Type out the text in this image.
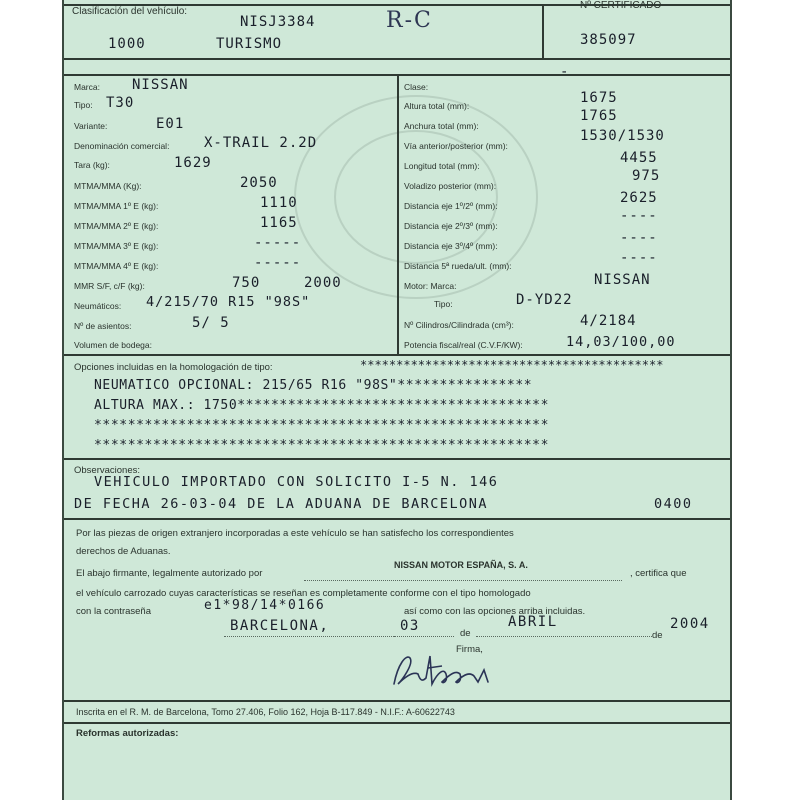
Clasificación del vehículo:
NISJ3384	R-C
1000	TURISMO
Nº CERTIFICADO
385097
Marca: NISSAN
Tipo: T30
Variante:	E01
Denominación comercial: X-TRAIL 2.2D
Tara (kg):	1629
MTMA/MMA (Kg):	2050
MTMA/MMA 1º E (kg):	1110
MTMA/MMA 2º E (kg):	1165
MTMA/MMA 3º E (kg):	-----
MTMA/MMA 4º E (kg):	-----
MMR S/F, c/F (kg):	750	2000
Neumáticos: 4/215/70 R15 "98S"
Nº de asientos:	5/ 5
Volumen de bodega:
Clase:
-
Altura total (mm):	1675
Anchura total (mm):
1765
Vía anterior/posterior (mm):
1530/1530
Longitud total (mm):	4455
Voladizo posterior (mm):
975
Distancia eje 1º/2º (mm):	2625
Distancia eje 2º/3º (mm):
----
Distancia eje 3º/4º (mm):	----
Distancia 5ª rueda/ult. (mm):	----
Motor: Marca:	NISSAN
Tipo:	D-YD22
Nº Cilindros/Cilindrada (cm³):	4/2184
Potencia fiscal/real (C.V.F/KW):	14,03/100,00
Opciones incluidas en la homologación de tipo:	******************************************
NEUMATICO OPCIONAL: 215/65 R16 "98S"****************
ALTURA MAX.: 1750*************************************
******************************************************
******************************************************
Observaciones:
VEHICULO IMPORTADO CON SOLICITO I-5 N. 146
DE FECHA 26-03-04 DE LA ADUANA DE BARCELONA	0400
Por las piezas de origen extranjero incorporadas a este vehículo se han satisfecho los correspondientes
derechos de Aduanas.
El abajo firmante, legalmente autorizado por
NISSAN MOTOR ESPAÑA, S. A.
, certifica que
el vehículo carrozado cuyas características se reseñan es completamente conforme con el tipo homologado
con la contraseña	e1*98/14*0166	así como con las opciones arriba incluidas.
BARCELONA,	03	de
ABRIL
de
2004
Firma,
Inscrita en el R. M. de Barcelona, Tomo 27.406, Folio 162, Hoja B-117.849 - N.I.F.: A-60622743
Reformas autorizadas:
